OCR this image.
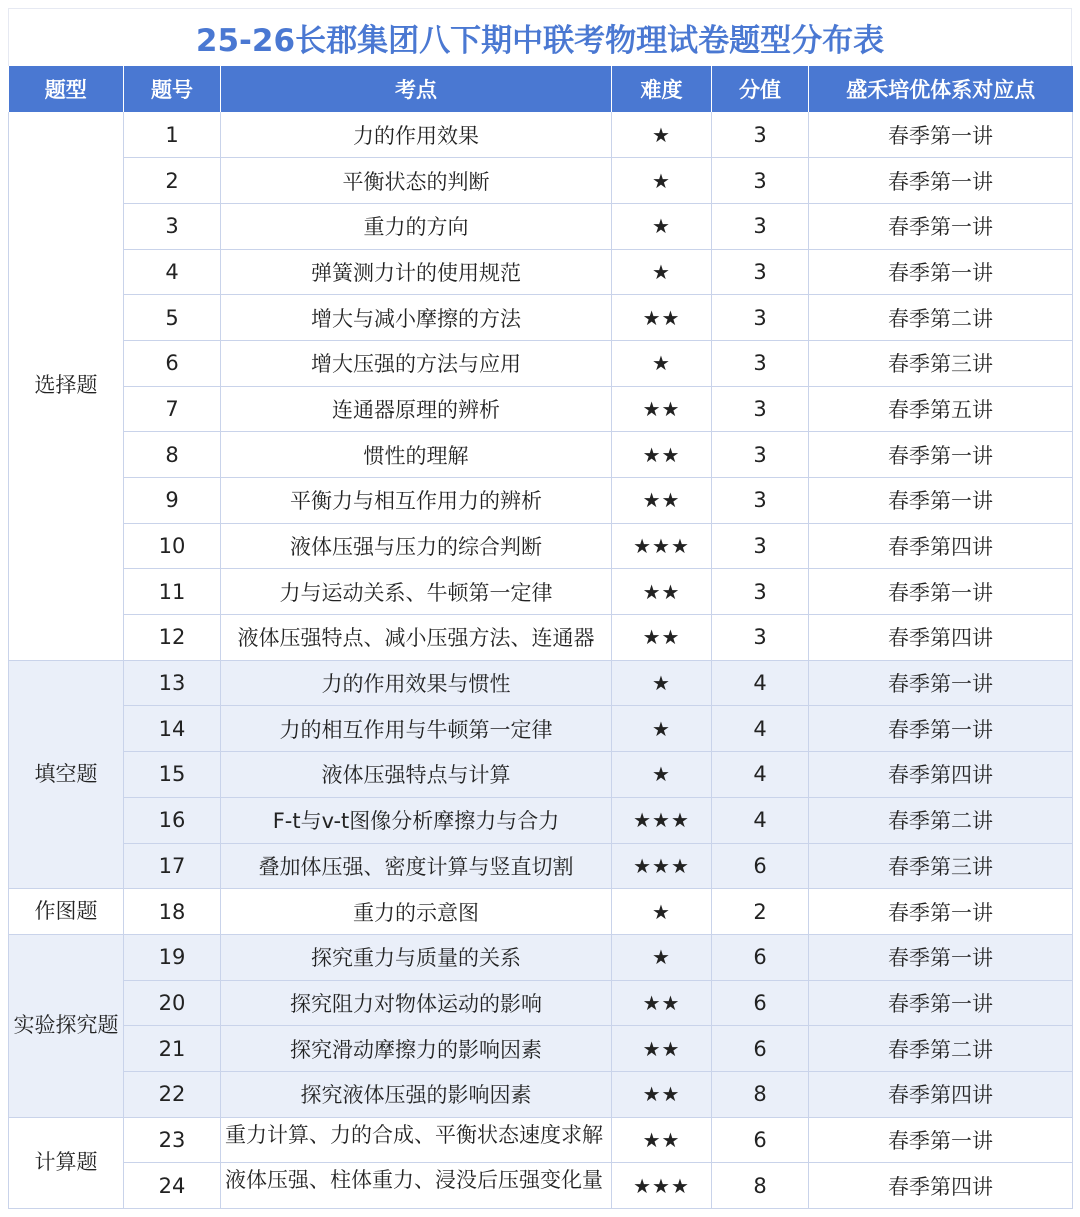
25-26长郡集团八下期中联考物理试卷题型分布表
题型	题号	考点	难度	分值	盛禾培优体系对应点
选择题	1	力的作用效果	★	3	春季第一讲
	2	平衡状态的判断	★	3	春季第一讲
	3	重力的方向	★	3	春季第一讲
	4	弹簧测力计的使用规范	★	3	春季第一讲
	5	增大与减小摩擦的方法	★★	3	春季第二讲
	6	增大压强的方法与应用	★	3	春季第三讲
	7	连通器原理的辨析	★★	3	春季第五讲
	8	惯性的理解	★★	3	春季第一讲
	9	平衡力与相互作用力的辨析	★★	3	春季第一讲
	10	液体压强与压力的综合判断	★★★	3	春季第四讲
	11	力与运动关系、牛顿第一定律	★★	3	春季第一讲
	12	液体压强特点、减小压强方法、连通器	★★	3	春季第四讲
填空题	13	力的作用效果与惯性	★	4	春季第一讲
	14	力的相互作用与牛顿第一定律	★	4	春季第一讲
	15	液体压强特点与计算	★	4	春季第四讲
	16	F-t与v-t图像分析摩擦力与合力	★★★	4	春季第二讲
	17	叠加体压强、密度计算与竖直切割	★★★	6	春季第三讲
作图题	18	重力的示意图	★	2	春季第一讲
实验探究题	19	探究重力与质量的关系	★	6	春季第一讲
	20	探究阻力对物体运动的影响	★★	6	春季第一讲
	21	探究滑动摩擦力的影响因素	★★	6	春季第二讲
	22	探究液体压强的影响因素	★★	8	春季第四讲
计算题	23	重力计算、力的合成、平衡状态速度求解	★★	6	春季第一讲
	24	液体压强、柱体重力、浸没后压强变化量	★★★	8	春季第四讲
